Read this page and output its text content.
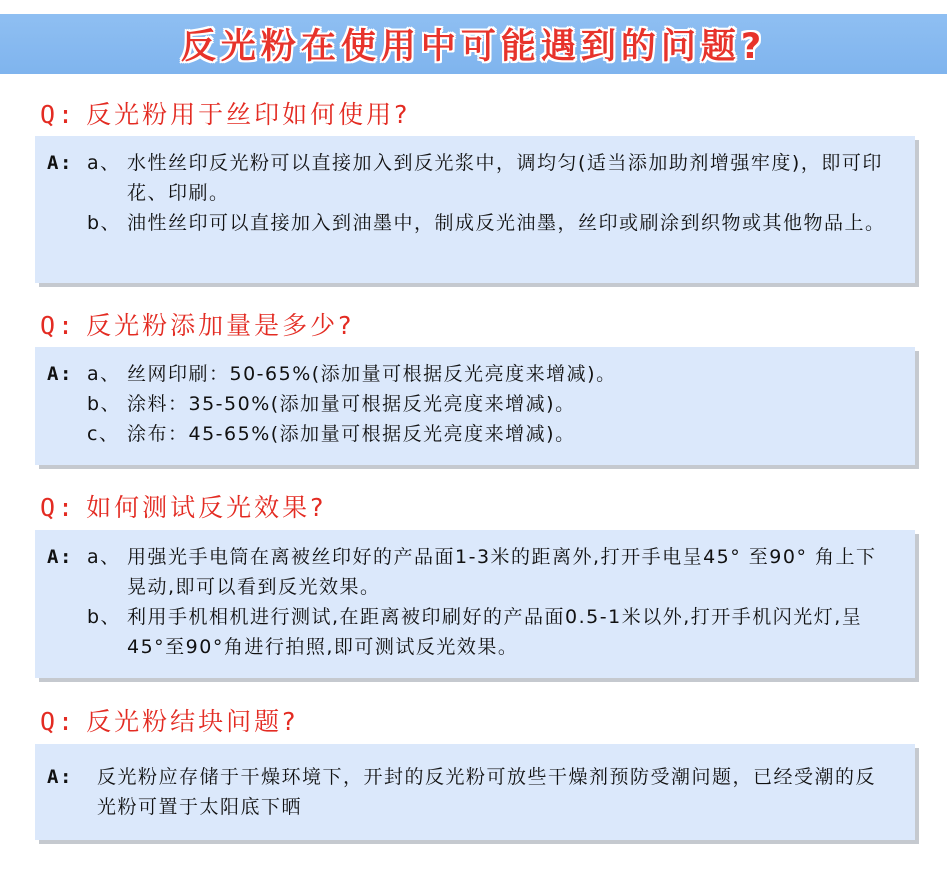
反光粉在使用中可能遇到的问题?
Q: 反光粉用于丝印如何使用?
A: a、 水性丝印反光粉可以直接加入到反光浆中，调均匀(适当添加助剂增强牢度)，即可印花、印刷。
b、 油性丝印可以直接加入到油墨中，制成反光油墨，丝印或刷涂到织物或其他物品上。
Q: 反光粉添加量是多少?
A: a、 丝网印刷：50-65%(添加量可根据反光亮度来增减)。
b、 涂料：35-50%(添加量可根据反光亮度来增减)。
c、 涂布：45-65%(添加量可根据反光亮度来增减)。
Q: 如何测试反光效果?
A: a、 用强光手电筒在离被丝印好的产品面1-3米的距离外,打开手电呈45° 至90° 角上下晃动,即可以看到反光效果。
b、 利用手机相机进行测试,在距离被印刷好的产品面0.5-1米以外,打开手机闪光灯,呈45°至90°角进行拍照,即可测试反光效果。
Q: 反光粉结块问题?
A: 反光粉应存储于干燥环境下，开封的反光粉可放些干燥剂预防受潮问题，已经受潮的反光粉可置于太阳底下晒
